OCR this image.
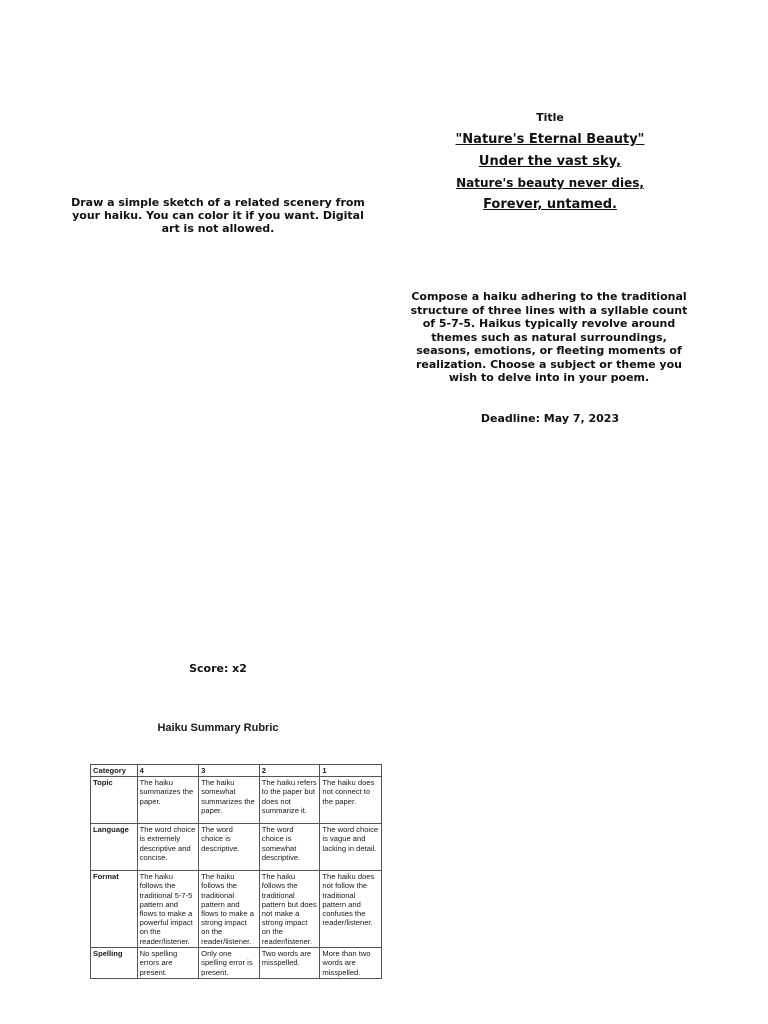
Draw a simple sketch of a related scenery from your haiku. You can color it if you want. Digital art is not allowed.
Title
"Nature's Eternal Beauty"
Under the vast sky,
Nature's beauty never dies,
Forever, untamed.
Compose a haiku adhering to the traditional structure of three lines with a syllable count of 5-7-5. Haikus typically revolve around themes such as natural surroundings, seasons, emotions, or fleeting moments of realization. Choose a subject or theme you wish to delve into in your poem.
Deadline: May 7, 2023
Score: x2
Haiku Summary Rubric
Category	4	3	2	1
Topic	The haiku summarizes the paper.	The haiku somewhat summarizes the paper.	The haiku refers to the paper but does not summarize it.	The haiku does not connect to the paper.
Language	The word choice is extremely descriptive and concise.	The word choice is descriptive.	The word choice is somewhat descriptive.	The word choice is vague and lacking in detail.
Format	The haiku follows the traditional 5-7-5 pattern and flows to make a powerful impact on the reader/listener.	The haiku follows the traditional pattern and flows to make a strong impact on the reader/listener.	The haiku follows the traditional pattern but does not make a strong impact on the reader/listener.	The haiku does not follow the traditional pattern and confuses the reader/listener.
Spelling	No spelling errors are present.	Only one spelling error is present.	Two words are misspelled.	More than two words are misspelled.
